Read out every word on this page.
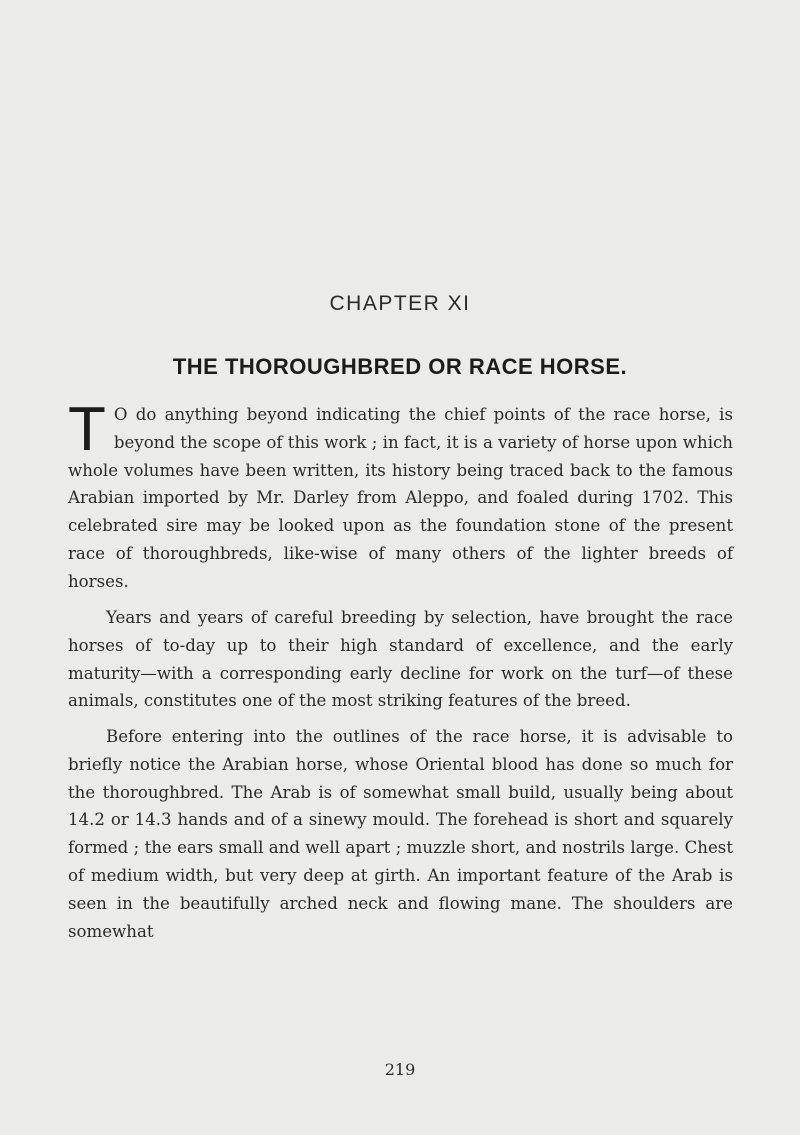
CHAPTER XI
THE THOROUGHBRED OR RACE HORSE.

T O do anything beyond indicating the chief points of the race horse, is beyond the scope of this work ; in fact, it is a variety of horse upon which whole volumes have been written, its history being traced back to the famous Arabian imported by Mr. Darley from Aleppo, and foaled during 1702. This celebrated sire may be looked upon as the foundation stone of the present race of thoroughbreds, like-wise of many others of the lighter breeds of horses.

Years and years of careful breeding by selection, have brought the race horses of to-day up to their high standard of excellence, and the early maturity—with a corresponding early decline for work on the turf—of these animals, constitutes one of the most striking features of the breed.

Before entering into the outlines of the race horse, it is advisable to briefly notice the Arabian horse, whose Oriental blood has done so much for the thoroughbred. The Arab is of somewhat small build, usually being about 14.2 or 14.3 hands and of a sinewy mould. The forehead is short and squarely formed ; the ears small and well apart ; muzzle short, and nostrils large. Chest of medium width, but very deep at girth. An important feature of the Arab is seen in the beautifully arched neck and flowing mane. The shoulders are somewhat

219
